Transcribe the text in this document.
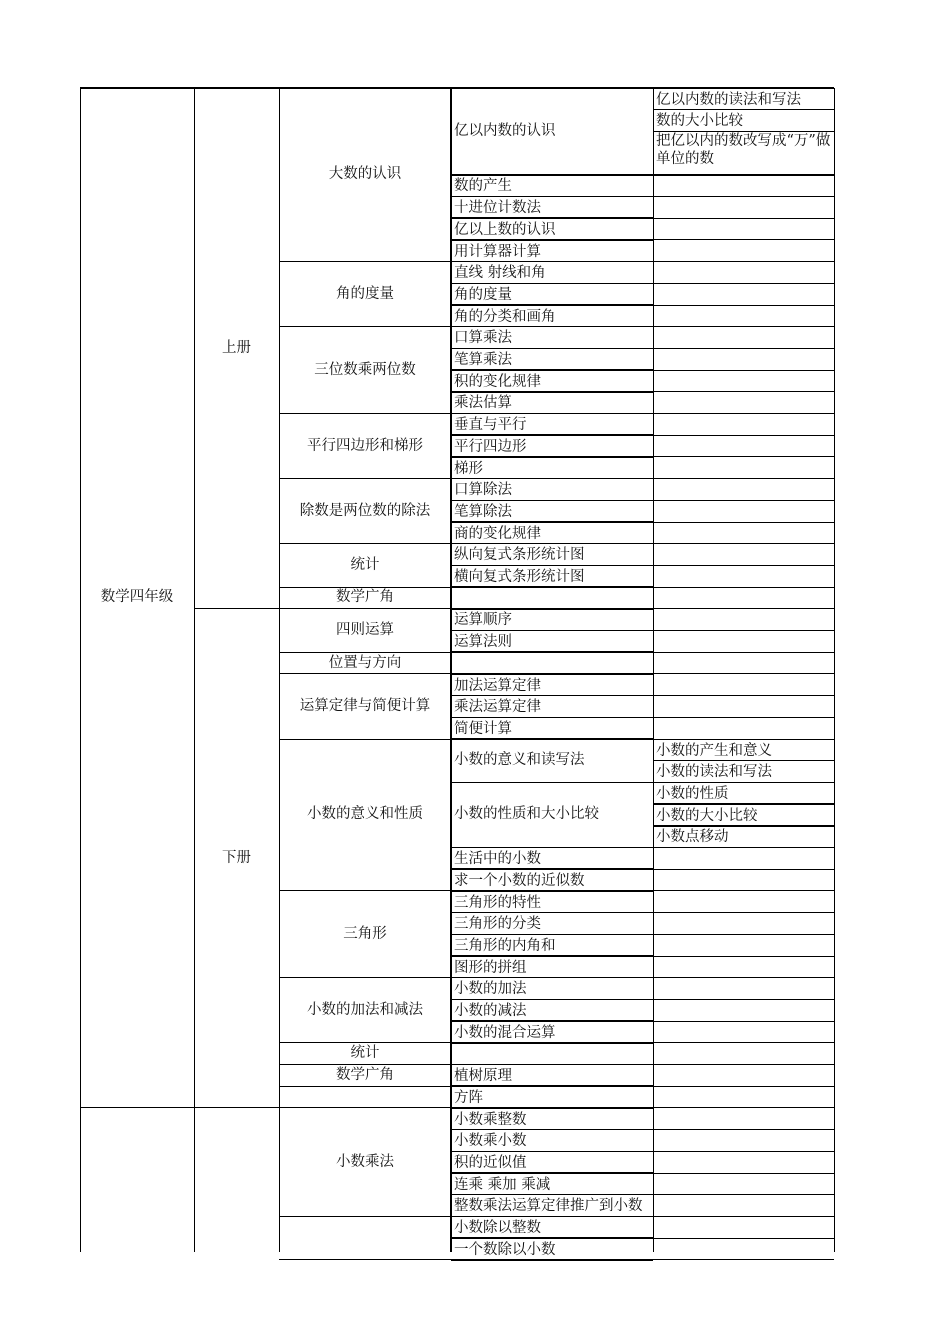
亿以内数的读法和写法
数的大小比较
把亿以内的数改写成“万”做单位的数
亿以内数的认识
数的产生
十进位计数法
亿以上数的认识
用计算器计算
大数的认识
直线 射线和角
角的度量
角的分类和画角
角的度量
口算乘法
笔算乘法
积的变化规律
乘法估算
三位数乘两位数
垂直与平行
平行四边形
梯形
平行四边形和梯形
口算除法
笔算除法
商的变化规律
除数是两位数的除法
纵向复式条形统计图
横向复式条形统计图
统计
数学广角
上册
运算顺序
运算法则
四则运算
位置与方向
加法运算定律
乘法运算定律
简便计算
运算定律与简便计算
小数的产生和意义
小数的读法和写法
小数的意义和读写法
小数的性质
小数的大小比较
小数点移动
小数的性质和大小比较
生活中的小数
求一个小数的近似数
小数的意义和性质
三角形的特性
三角形的分类
三角形的内角和
图形的拼组
三角形
小数的加法
小数的减法
小数的混合运算
小数的加法和减法
统计
植树原理
数学广角
方阵
下册
数学四年级
小数乘整数
小数乘小数
积的近似值
连乘 乘加 乘减
整数乘法运算定律推广到小数
小数乘法
小数除以整数
一个数除以小数
